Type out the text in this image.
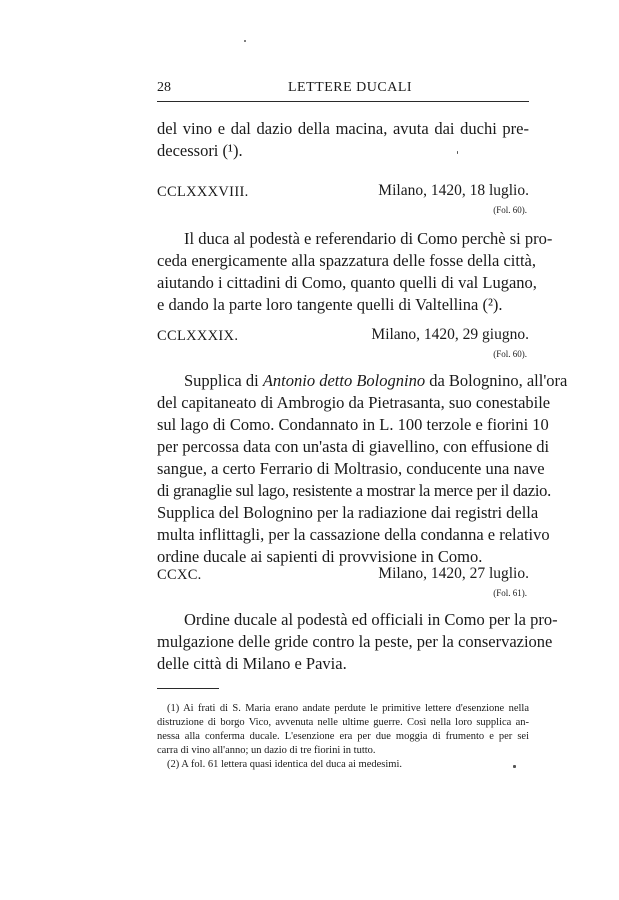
28	LETTERE DUCALI
del vino e dal dazio della macina, avuta dai duchi pre-
decessori (¹).
CCLXXXVIII.	Milano, 1420, 18 luglio.
(Fol. 60).
Il duca al podestà e referendario di Como perchè si pro-
ceda energicamente alla spazzatura delle fosse della città,
aiutando i cittadini di Como, quanto quelli di val Lugano,
e dando la parte loro tangente quelli di Valtellina (²).
CCLXXXIX.	Milano, 1420, 29 giugno.
(Fol. 60).
Supplica di Antonio detto Bolognino da Bolognino, all'ora
del capitaneato di Ambrogio da Pietrasanta, suo conestabile
sul lago di Como. Condannato in L. 100 terzole e fiorini 10
per percossa data con un'asta di giavellino, con effusione di
sangue, a certo Ferrario di Moltrasio, conducente una nave
di granaglie sul lago, resistente a mostrar la merce per il dazio.
Supplica del Bolognino per la radiazione dai registri della
multa inflittagli, per la cassazione della condanna e relativo
ordine ducale ai sapienti di provvisione in Como.
CCXC.	Milano, 1420, 27 luglio.
(Fol. 61).
Ordine ducale al podestà ed officiali in Como per la pro-
mulgazione delle gride contro la peste, per la conservazione
delle città di Milano e Pavia.
(1) Ai frati di S. Maria erano andate perdute le primitive lettere d'esenzione nella
distruzione di borgo Vico, avvenuta nelle ultime guerre. Così nella loro supplica an-
nessa alla conferma ducale. L'esenzione era per due moggia di frumento e per sei
carra di vino all'anno; un dazio di tre fiorini in tutto.
(2) A fol. 61 lettera quasi identica del duca ai medesimi.
